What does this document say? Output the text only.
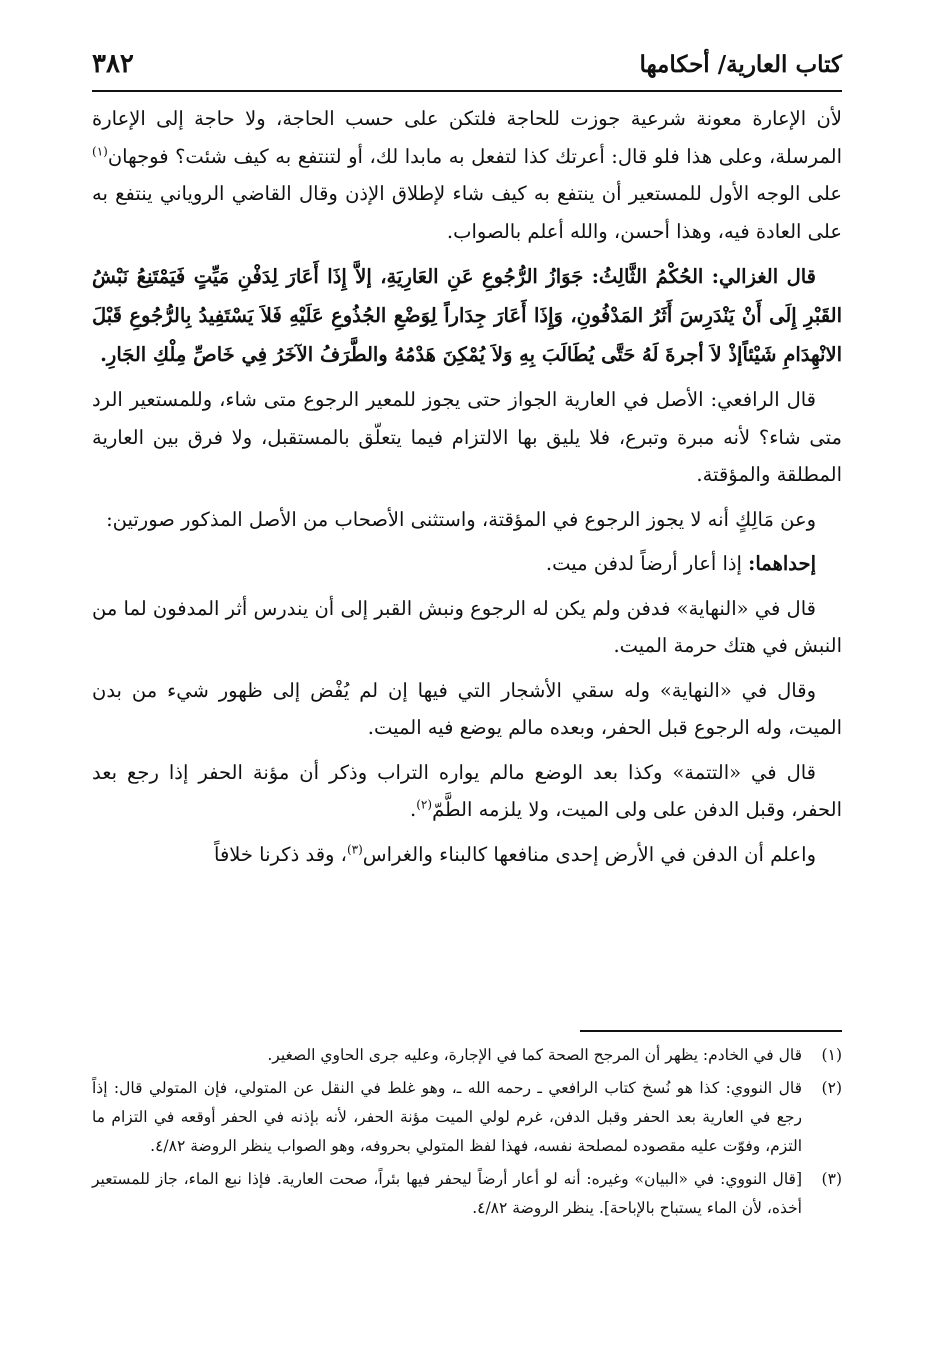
كتاب العارية/ أحكامها
٣٨٢

لأن الإعارة معونة شرعية جوزت للحاجة فلتكن على حسب الحاجة، ولا حاجة إلى الإعارة المرسلة، وعلى هذا فلو قال: أعرتك كذا لتفعل به مابدا لك، أو لتنتفع به كيف شئت؟ فوجهان$^{(١)}$ على الوجه الأول للمستعير أن ينتفع به كيف شاء لإطلاق الإذن وقال القاضي الروياني ينتفع به على العادة فيه، وهذا أحسن، والله أعلم بالصواب.

قال الغزالي: الحُكْمُ الثَّالِثُ: جَوَازُ الرُّجُوعِ عَنِ العَارِيَةِ، إلاَّ إِذَا أَعَارَ لِدَفْنِ مَيِّتٍ فَيَمْتَنِعُ نَبْشُ القَبْرِ إِلَى أَنْ يَنْدَرِسَ أَثَرُ المَدْفُونِ، وَإِذَا أَعَارَ جِدَاراً لِوَضْعِ الجُذُوعِ عَلَيْهِ فَلاَ يَسْتَفِيدُ بِالرُّجُوعِ قَبْلَ الانْهِدَامِ شَيْئاًإذْ لاَ أجرةَ لَهُ حَتَّى يُطَالَبَ بِهِ وَلاَ يُمْكِنَ هَدْمُهُ والطَّرَفُ الآخَرُ فِي خَاصِّ مِلْكِ الجَارِ.

قال الرافعي: الأصل في العارية الجواز حتى يجوز للمعير الرجوع متى شاء، وللمستعير الرد متى شاء؟ لأنه مبرة وتبرع، فلا يليق بها الالتزام فيما يتعلّق بالمستقبل، ولا فرق بين العارية المطلقة والمؤقتة.

وعن مَالِكٍ أنه لا يجوز الرجوع في المؤقتة، واستثنى الأصحاب من الأصل المذكور صورتين:

إحداهما: إذا أعار أرضاً لدفن ميت.

قال في «النهاية» فدفن ولم يكن له الرجوع ونبش القبر إلى أن يندرس أثر المدفون لما من النبش في هتك حرمة الميت.

وقال في «النهاية» وله سقي الأشجار التي فيها إن لم يُفْض إلى ظهور شيء من بدن الميت، وله الرجوع قبل الحفر، وبعده مالم يوضع فيه الميت.

قال في «التتمة» وكذا بعد الوضع مالم يواره التراب وذكر أن مؤنة الحفر إذا رجع بعد الحفر، وقبل الدفن على ولى الميت، ولا يلزمه الطَّمّ$^{(٢)}$.

واعلم أن الدفن في الأرض إحدى منافعها كالبناء والغراس$^{(٣)}$، وقد ذكرنا خلافاً

(١)
قال في الخادم: يظهر أن المرجح الصحة كما في الإجارة، وعليه جرى الحاوي الصغير.
(٢)
قال النووي: كذا هو نُسخ كتاب الرافعي ـ رحمه الله ـ، وهو غلط في النقل عن المتولي، فإن المتولي قال: إذاً رجع في العارية بعد الحفر وقبل الدفن، غرم لولي الميت مؤنة الحفر، لأنه بإذنه في الحفر أوقعه في التزام ما التزم، وفوّت عليه مقصوده لمصلحة نفسه، فهذا لفظ المتولي بحروفه، وهو الصواب ينظر الروضة ٤/٨٢.
(٣)
[قال النووي: في «البيان» وغيره: أنه لو أعار أرضاً ليحفر فيها بئراً، صحت العارية. فإذا نبع الماء، جاز للمستعير أخذه، لأن الماء يستباح بالإباحة]. ينظر الروضة ٤/٨٢.
